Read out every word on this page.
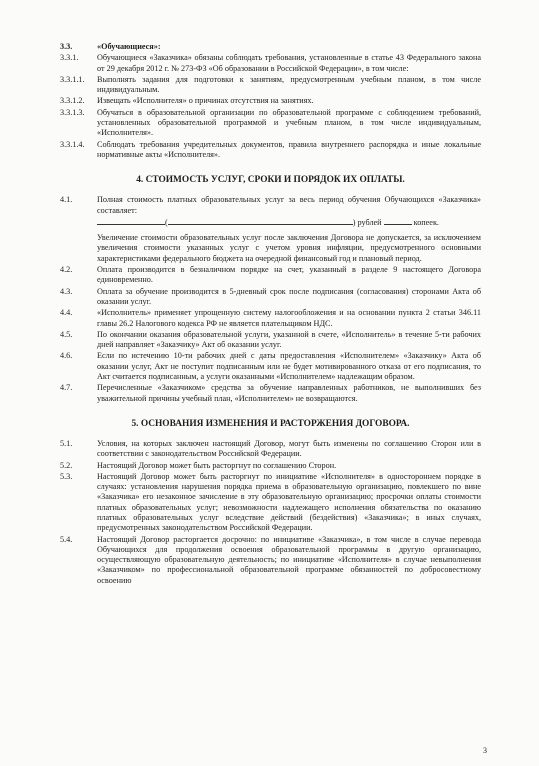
3.3.	«Обучающиеся»:
3.3.1.	Обучающиеся «Заказчика» обязаны соблюдать требования, установленные в статье 43 Федерального закона от 29 декабря 2012 г. № 273-ФЗ «Об образовании в Российской Федерации», в том числе:
3.3.1.1.	Выполнять задания для подготовки к занятиям, предусмотренным учебным планом, в том числе индивидуальным.
3.3.1.2.	Извещать «Исполнителя» о причинах отсутствия на занятиях.
3.3.1.3.	Обучаться в образовательной организации по образовательной программе с соблюдением требований, установленных образовательной программой и учебным планом, в том числе индивидуальным, «Исполнителя».
3.3.1.4.	Соблюдать требования учредительных документов, правила внутреннего распорядка и иные локальные нормативные акты «Исполнителя».
4. СТОИМОСТЬ УСЛУГ, СРОКИ И ПОРЯДОК ИХ ОПЛАТЫ.
4.1.	Полная стоимость платных образовательных услуг за весь период обучения Обучающихся «Заказчика» составляет:
(	) рублей	копеек.
Увеличение стоимости образовательных услуг после заключения Договора не допускается, за исключением увеличения стоимости указанных услуг с учетом уровня инфляции, предусмотренного основными характеристиками федерального бюджета на очередной финансовый год и плановый период.
4.2.	Оплата производится в безналичном порядке на счет, указанный в разделе 9 настоящего Договора единовременно.
4.3.	Оплата за обучение производится в 5-дневный срок после подписания (согласования) сторонами Акта об оказании услуг.
4.4.	«Исполнитель» применяет упрощенную систему налогообложения и на основании пункта 2 статьи 346.11 главы 26.2 Налогового кодекса РФ не является плательщиком НДС.
4.5.	По окончании оказания образовательной услуги, указанной в счете, «Исполнитель» в течение 5-ти рабочих дней направляет «Заказчику» Акт об оказании услуг.
4.6.	Если по истечению 10-ти рабочих дней с даты предоставления «Исполнителем» «Заказчику» Акта об оказании услуг, Акт не поступит подписанным или не будет мотивированного отказа от его подписания, то Акт считается подписанным, а услуги оказанными «Исполнителем» надлежащим образом.
4.7.	Перечисленные «Заказчиком» средства за обучение направленных работников, не выполнивших без уважительной причины учебный план, «Исполнителем» не возвращаются.
5. ОСНОВАНИЯ ИЗМЕНЕНИЯ И РАСТОРЖЕНИЯ ДОГОВОРА.
5.1.	Условия, на которых заключен настоящий Договор, могут быть изменены по соглашению Сторон или в соответствии с законодательством Российской Федерации.
5.2.	Настоящий Договор может быть расторгнут по соглашению Сторон.
5.3.	Настоящий Договор может быть расторгнут по инициативе «Исполнителя» в одностороннем порядке в случаях: установления нарушения порядка приема в образовательную организацию, повлекшего по вине «Заказчика» его незаконное зачисление в эту образовательную организацию; просрочки оплаты стоимости платных образовательных услуг; невозможности надлежащего исполнения обязательства по оказанию платных образовательных услуг вследствие действий (бездействия) «Заказчика»; в иных случаях, предусмотренных законодательством Российской Федерации.
5.4.	Настоящий Договор расторгается досрочно: по инициативе «Заказчика», в том числе в случае перевода Обучающихся для продолжения освоения образовательной программы в другую организацию, осуществляющую образовательную деятельность; по инициативе «Исполнителя» в случае невыполнения «Заказчиком» по профессиональной образовательной программе обязанностей по добросовестному освоению
3
